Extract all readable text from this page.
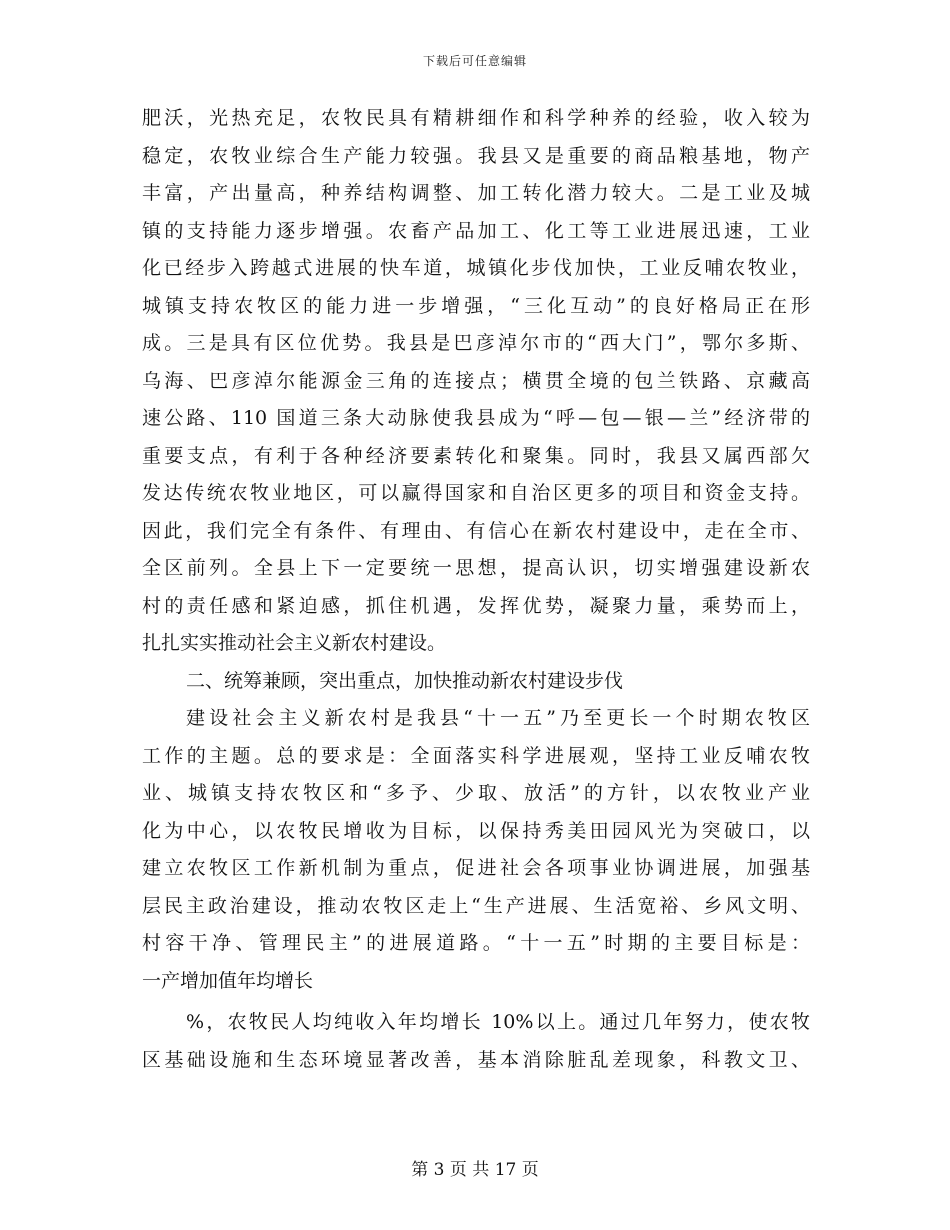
下载后可任意编辑
肥沃，光热充足，农牧民具有精耕细作和科学种养的经验，收入较为
稳定，农牧业综合生产能力较强。我县又是重要的商品粮基地，物产
丰富，产出量高，种养结构调整、加工转化潜力较大。二是工业及城
镇的支持能力逐步增强。农畜产品加工、化工等工业进展迅速，工业
化已经步入跨越式进展的快车道，城镇化步伐加快，工业反哺农牧业，
城镇支持农牧区的能力进一步增强，“三化互动”的良好格局正在形
成。三是具有区位优势。我县是巴彦淖尔市的“西大门”，鄂尔多斯、
乌海、巴彦淖尔能源金三角的连接点；横贯全境的包兰铁路、京藏高
速公路、110 国道三条大动脉使我县成为“呼—包—银—兰”经济带的
重要支点，有利于各种经济要素转化和聚集。同时，我县又属西部欠
发达传统农牧业地区，可以赢得国家和自治区更多的项目和资金支持。
因此，我们完全有条件、有理由、有信心在新农村建设中，走在全市、
全区前列。全县上下一定要统一思想，提高认识，切实增强建设新农
村的责任感和紧迫感，抓住机遇，发挥优势，凝聚力量，乘势而上，
扎扎实实推动社会主义新农村建设。
二、统筹兼顾，突出重点，加快推动新农村建设步伐
建设社会主义新农村是我县“十一五”乃至更长一个时期农牧区
工作的主题。总的要求是：全面落实科学进展观，坚持工业反哺农牧
业、城镇支持农牧区和“多予、少取、放活”的方针，以农牧业产业
化为中心，以农牧民增收为目标，以保持秀美田园风光为突破口，以
建立农牧区工作新机制为重点，促进社会各项事业协调进展，加强基
层民主政治建设，推动农牧区走上“生产进展、生活宽裕、乡风文明、
村容干净、管理民主”的进展道路。“十一五”时期的主要目标是：
一产增加值年均增长
%，农牧民人均纯收入年均增长 10%以上。通过几年努力，使农牧
区基础设施和生态环境显著改善，基本消除脏乱差现象，科教文卫、
第 3 页 共 17 页
